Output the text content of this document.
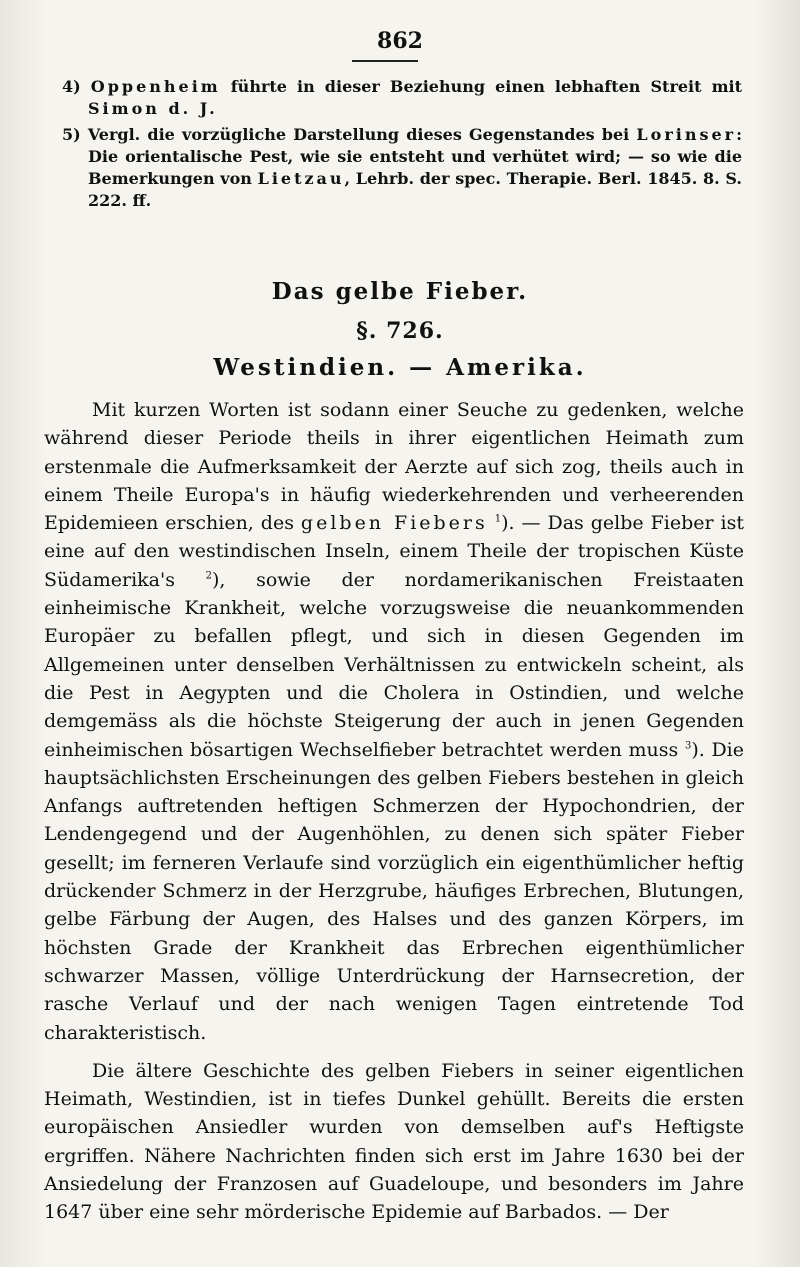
862

4) Oppenheim führte in dieser Beziehung einen lebhaften Streit mit Simon d. J.

5) Vergl. die vorzügliche Darstellung dieses Gegenstandes bei Lorinser: Die orientalische Pest, wie sie entsteht und verhütet wird; — so wie die Bemerkungen von Lietzau, Lehrb. der spec. Therapie. Berl. 1845. 8. S. 222. ff.

Das gelbe Fieber.
§. 726.
Westindien. — Amerika.

Mit kurzen Worten ist sodann einer Seuche zu gedenken, welche während dieser Periode theils in ihrer eigentlichen Heimath zum erstenmale die Aufmerksamkeit der Aerzte auf sich zog, theils auch in einem Theile Europa's in häufig wiederkehrenden und verheerenden Epidemieen erschien, des gelben Fiebers $^1$). — Das gelbe Fieber ist eine auf den westindischen Inseln, einem Theile der tropischen Küste Südamerika's $^2$), sowie der nordamerikanischen Freistaaten einheimische Krankheit, welche vorzugsweise die neuankommenden Europäer zu befallen pflegt, und sich in diesen Gegenden im Allgemeinen unter denselben Verhältnissen zu entwickeln scheint, als die Pest in Aegypten und die Cholera in Ostindien, und welche demgemäss als die höchste Steigerung der auch in jenen Gegenden einheimischen bösartigen Wechselfieber betrachtet werden muss $^3$). Die hauptsächlichsten Erscheinungen des gelben Fiebers bestehen in gleich Anfangs auftretenden heftigen Schmerzen der Hypochondrien, der Lendengegend und der Augenhöhlen, zu denen sich später Fieber gesellt; im ferneren Verlaufe sind vorzüglich ein eigenthümlicher heftig drückender Schmerz in der Herzgrube, häufiges Erbrechen, Blutungen, gelbe Färbung der Augen, des Halses und des ganzen Körpers, im höchsten Grade der Krankheit das Erbrechen eigenthümlicher schwarzer Massen, völlige Unterdrückung der Harnsecretion, der rasche Verlauf und der nach wenigen Tagen eintretende Tod charakteristisch.

Die ältere Geschichte des gelben Fiebers in seiner eigentlichen Heimath, Westindien, ist in tiefes Dunkel gehüllt. Bereits die ersten europäischen Ansiedler wurden von demselben auf's Heftigste ergriffen. Nähere Nachrichten finden sich erst im Jahre 1630 bei der Ansiedelung der Franzosen auf Guadeloupe, und besonders im Jahre 1647 über eine sehr mörderische Epidemie auf Barbados. — Der
